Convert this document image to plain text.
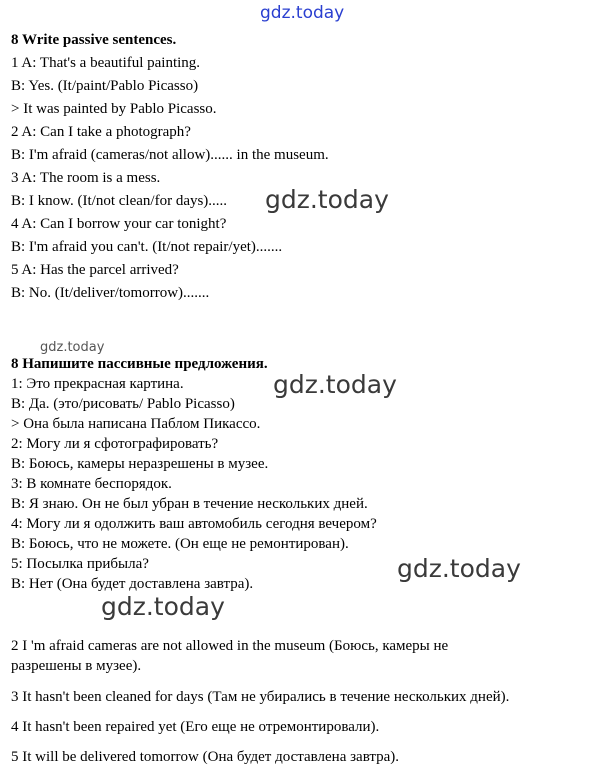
gdz.today
gdz.today
gdz.today
gdz.today
gdz.today
gdz.today
8 Write passive sentences.
1 A: That's a beautiful painting.
B: Yes. (It/paint/Pablo Picasso)
> It was painted by Pablo Picasso.
2 A: Can I take a photograph?
B: I'm afraid (cameras/not allow)...... in the museum.
3 A: The room is a mess.
B: I know. (It/not clean/for days).....
4 A: Can I borrow your car tonight?
B: I'm afraid you can't. (It/not repair/yet).......
5 A: Has the parcel arrived?
B: No. (It/deliver/tomorrow).......
8 Напишите пассивные предложения.
1: Это прекрасная картина.
B: Да. (это/рисовать/ Pablo Picasso)
> Она была написана Паблом Пикассо.
2: Могу ли я сфотографировать?
B: Боюсь, камеры неразрешены в музее.
3: В комнате беспорядок.
B: Я знаю. Он не был убран в течение нескольких дней.
4: Могу ли я одолжить ваш автомобиль сегодня вечером?
B: Боюсь, что не можете. (Он еще не ремонтирован).
5: Посылка прибыла?
B: Нет (Она будет доставлена завтра).
2 I 'm afraid cameras are not allowed in the museum (Боюсь, камеры не
разрешены в музее).
3 It hasn't been cleaned for days (Там не убирались в течение нескольких дней).
4 It hasn't been repaired yet (Его еще не отремонтировали).
5 It will be delivered tomorrow (Она будет доставлена завтра).
